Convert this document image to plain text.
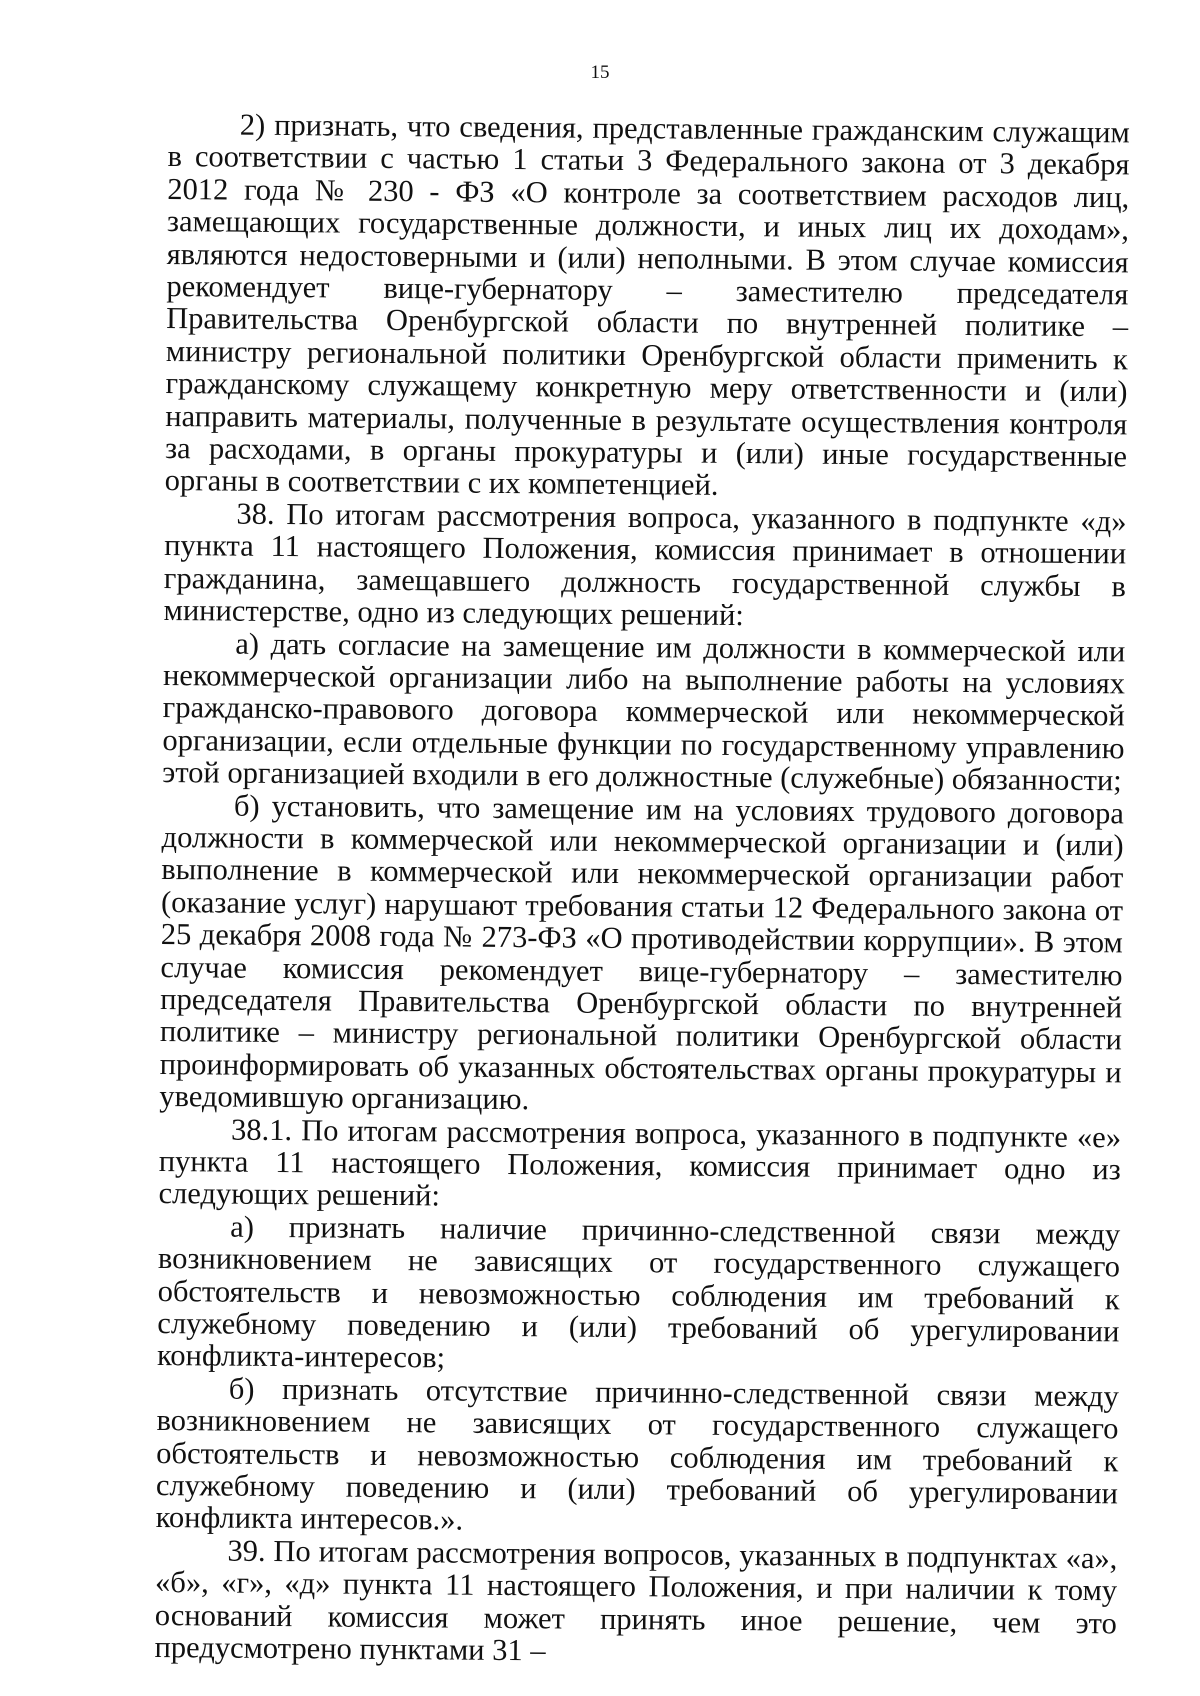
15

2) признать, что сведения, представленные гражданским служащим в соответствии с частью 1 статьи 3 Федерального закона от 3 декабря 2012 года № 230 - ФЗ «О контроле за соответствием расходов лиц, замещающих государственные должности, и иных лиц их доходам», являются недостоверными и (или) неполными. В этом случае комиссия рекомендует вице-губернатору – заместителю председателя Правительства Оренбургской области по внутренней политике – министру региональной политики Оренбургской области применить к гражданскому служащему конкретную меру ответственности и (или) направить материалы, полученные в результате осуществления контроля за расходами, в органы прокуратуры и (или) иные государственные органы в соответствии с их компетенцией.

38. По итогам рассмотрения вопроса, указанного в подпункте «д» пункта 11 настоящего Положения, комиссия принимает в отношении гражданина, замещавшего должность государственной службы в министерстве, одно из следующих решений:

а) дать согласие на замещение им должности в коммерческой или некоммерческой организации либо на выполнение работы на условиях гражданско-правового договора коммерческой или некоммерческой организации, если отдельные функции по государственному управлению этой организацией входили в его должностные (служебные) обязанности;

б) установить, что замещение им на условиях трудового договора должности в коммерческой или некоммерческой организации и (или) выполнение в коммерческой или некоммерческой организации работ (оказание услуг) нарушают требования статьи 12 Федерального закона от 25 декабря 2008 года № 273-ФЗ «О противодействии коррупции». В этом случае комиссия рекомендует вице-губернатору – заместителю председателя Правительства Оренбургской области по внутренней политике – министру региональной политики Оренбургской области проинформировать об указанных обстоятельствах органы прокуратуры и уведомившую организацию.

38.1. По итогам рассмотрения вопроса, указанного в подпункте «е» пункта 11 настоящего Положения, комиссия принимает одно из следующих решений:

а) признать наличие причинно-следственной связи между возникновением не зависящих от государственного служащего обстоятельств и невозможностью соблюдения им требований к служебному поведению и (или) требований об урегулировании конфликта-интересов;

б) признать отсутствие причинно-следственной связи между возникновением не зависящих от государственного служащего обстоятельств и невозможностью соблюдения им требований к служебному поведению и (или) требований об урегулировании конфликта интересов.».

39. По итогам рассмотрения вопросов, указанных в подпунктах «а», «б», «г», «д» пункта 11 настоящего Положения, и при наличии к тому оснований комиссия может принять иное решение, чем это предусмотрено пунктами 31 –
